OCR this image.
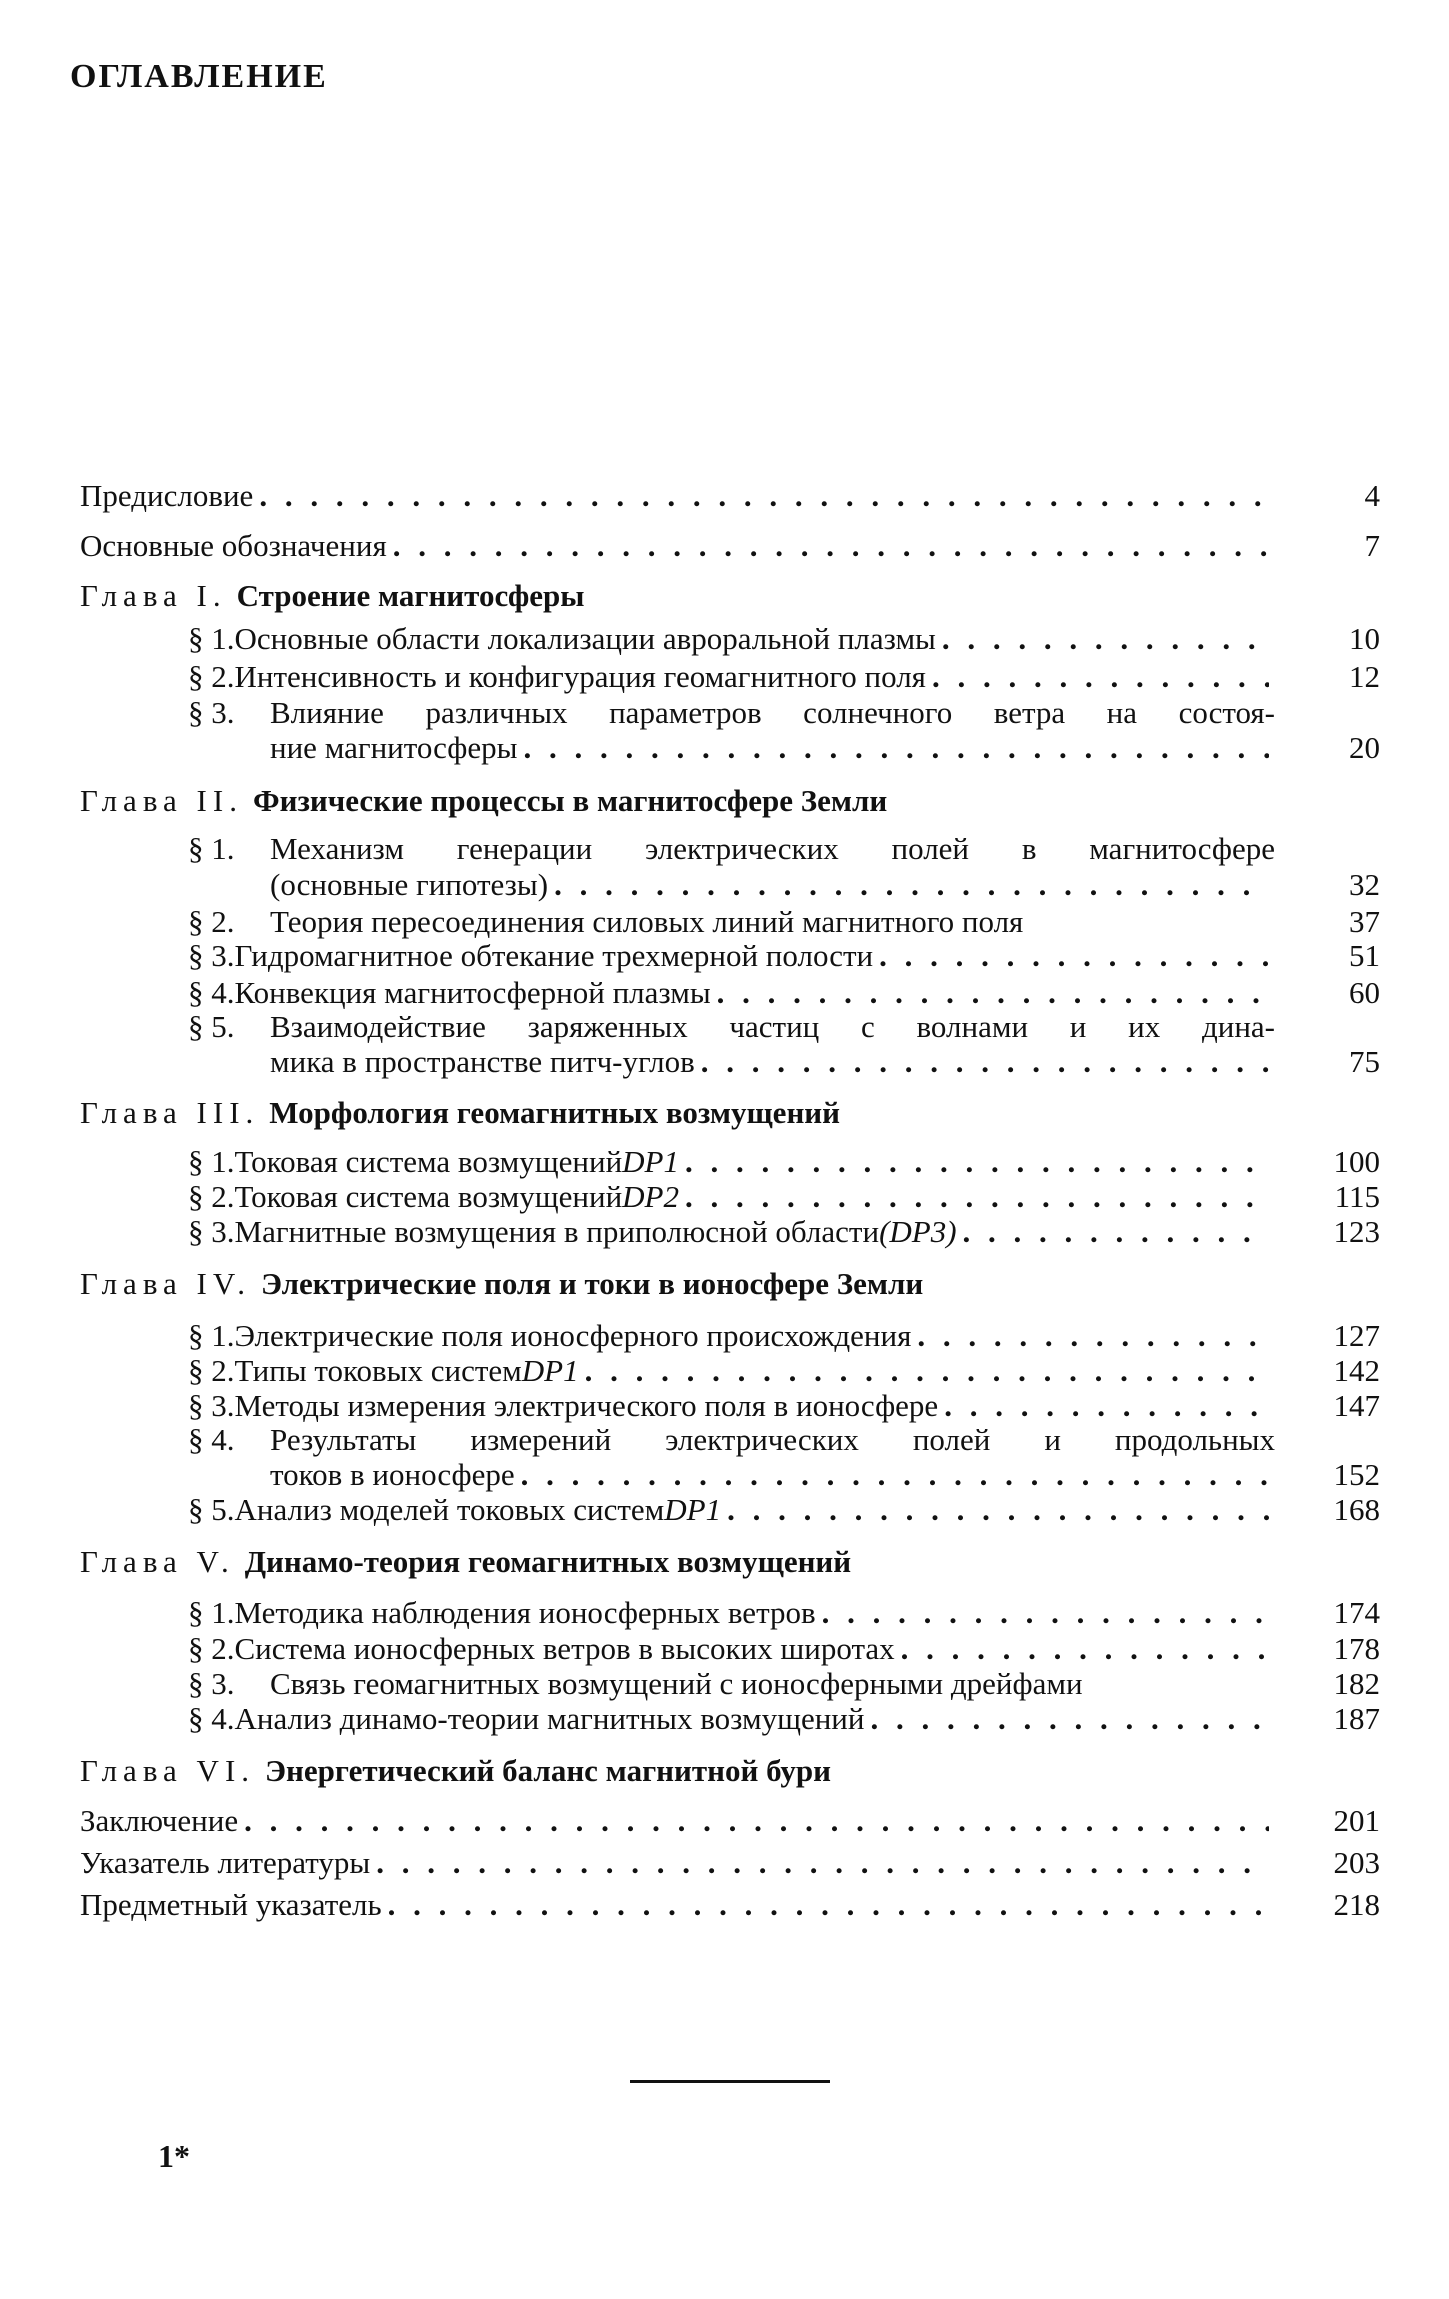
ОГЛАВЛЕНИЕ
Предисловие . . .	4
Основные обозначения . . .	7
Глава I. Строение магнитосферы
§ 1. Основные области локализации авроральной плазмы . . .	10
§ 2. Интенсивность и конфигурация геомагнитного поля . . .	12
§ 3.	Влияние различных параметров солнечного ветра на состоя-
ние магнитосферы . . .	20
Глава II. Физические процессы в магнитосфере Земли
§ 1.	Механизм генерации электрических полей в магнитосфере
(основные гипотезы) . . .	32
§ 2.	Теория пересоединения силовых линий магнитного поля	37
§ 3. Гидромагнитное обтекание трехмерной полости . . .	51
§ 4. Конвекция магнитосферной плазмы . . .	60
§ 5.	Взаимодействие заряженных частиц с волнами и их дина-
мика в пространстве питч-углов . . .	75
Глава III. Морфология геомагнитных возмущений
§ 1. Токовая система возмущений DP1 . . .	100
§ 2. Токовая система возмущений DP2 . . .	115
§ 3. Магнитные возмущения в приполюсной области (DP3) . . .	123
Глава IV. Электрические поля и токи в ионосфере Земли
§ 1. Электрические поля ионосферного происхождения . . .	127
§ 2. Типы токовых систем DP1 . . .	142
§ 3. Методы измерения электрического поля в ионосфере . . .	147
§ 4.	Результаты измерений электрических полей и продольных
токов в ионосфере . . .	152
§ 5. Анализ моделей токовых систем DP1 . . .	168
Глава V. Динамо-теория геомагнитных возмущений
§ 1. Методика наблюдения ионосферных ветров . . .	174
§ 2. Система ионосферных ветров в высоких широтах . . .	178
§ 3.	Связь геомагнитных возмущений с ионосферными дрейфами	182
§ 4. Анализ динамо-теории магнитных возмущений . . .	187
Глава VI. Энергетический баланс магнитной бури
Заключение . . .	201
Указатель литературы . . .	203
Предметный указатель . . .	218
1*
